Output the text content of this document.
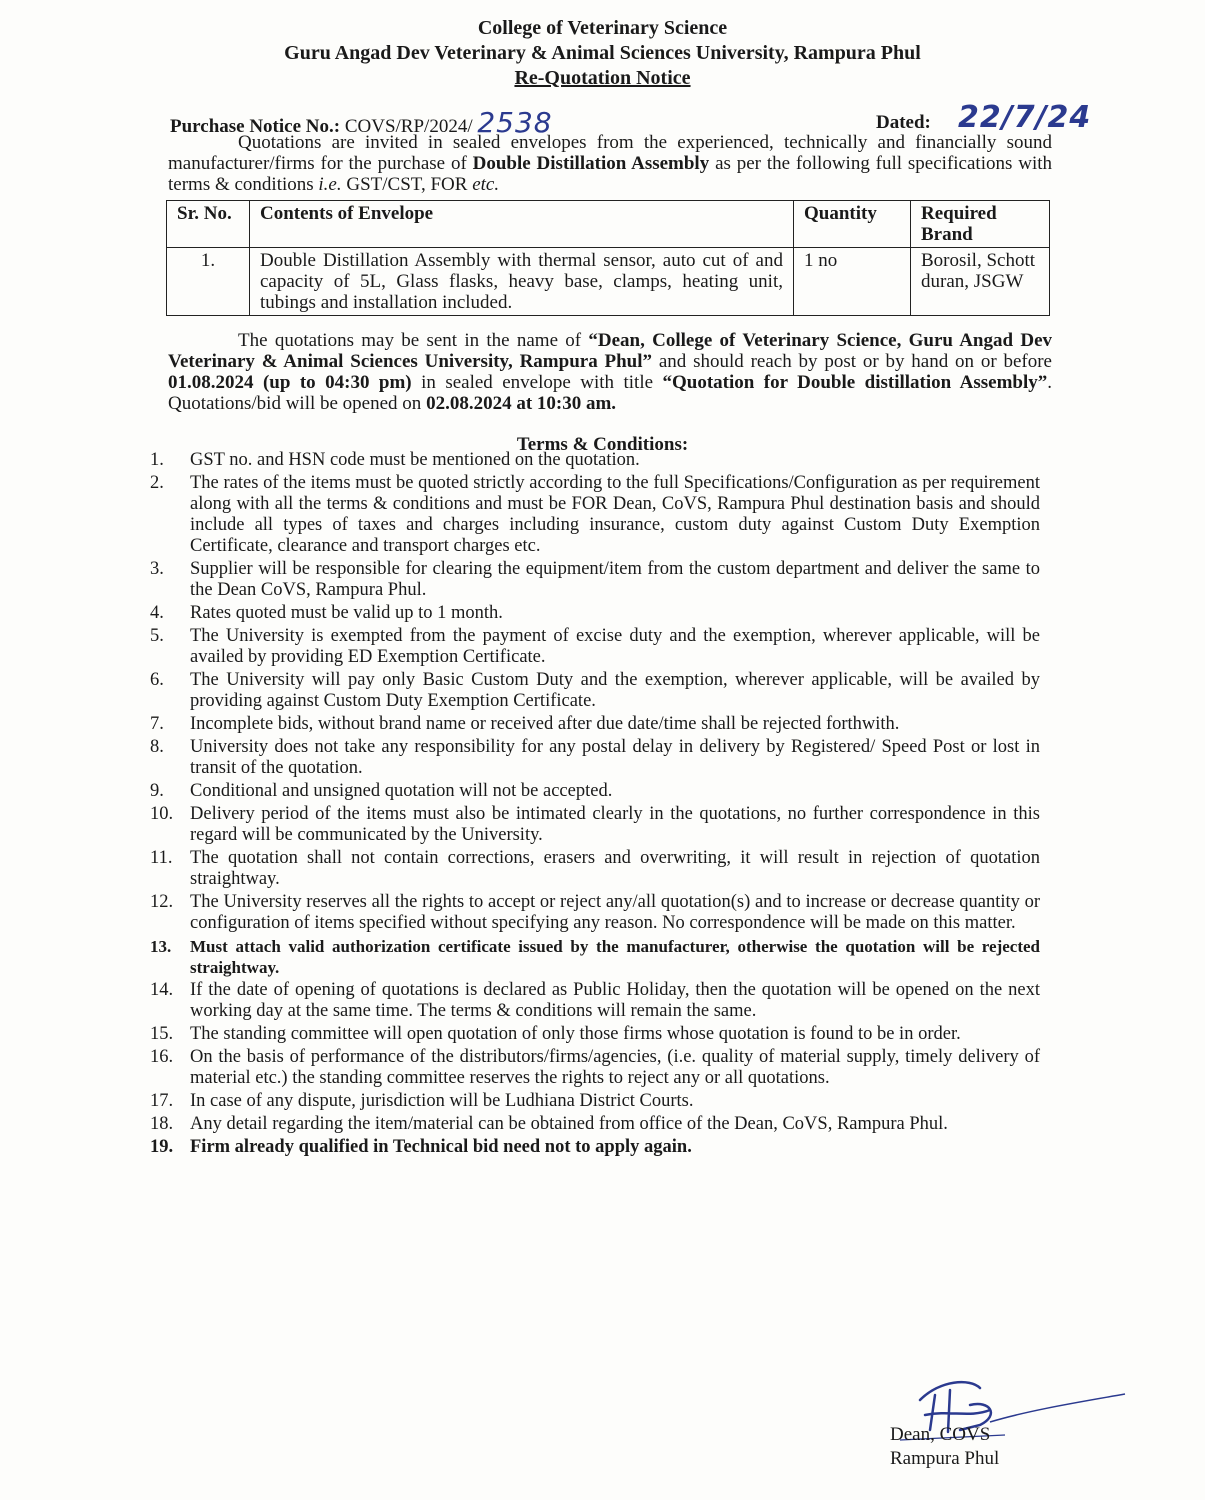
College of Veterinary Science
Guru Angad Dev Veterinary & Animal Sciences University, Rampura Phul
Re-Quotation Notice
Purchase Notice No.: COVS/RP/2024/ 2538	Dated: 22/7/24
Quotations are invited in sealed envelopes from the experienced, technically and financially sound manufacturer/firms for the purchase of Double Distillation Assembly as per the following full specifications with terms & conditions i.e. GST/CST, FOR etc.
Sr. No.	Contents of Envelope	Quantity	Required Brand
1.	Double Distillation Assembly with thermal sensor, auto cut of and capacity of 5L, Glass flasks, heavy base, clamps, heating unit, tubings and installation included.	1 no	Borosil, Schott duran, JSGW
The quotations may be sent in the name of “Dean, College of Veterinary Science, Guru Angad Dev Veterinary & Animal Sciences University, Rampura Phul” and should reach by post or by hand on or before 01.08.2024 (up to 04:30 pm) in sealed envelope with title “Quotation for Double distillation Assembly”. Quotations/bid will be opened on 02.08.2024 at 10:30 am.
Terms & Conditions:
1.	GST no. and HSN code must be mentioned on the quotation.
2.	The rates of the items must be quoted strictly according to the full Specifications/Configuration as per requirement along with all the terms & conditions and must be FOR Dean, CoVS, Rampura Phul destination basis and should include all types of taxes and charges including insurance, custom duty against Custom Duty Exemption Certificate, clearance and transport charges etc.
3.	Supplier will be responsible for clearing the equipment/item from the custom department and deliver the same to the Dean CoVS, Rampura Phul.
4.	Rates quoted must be valid up to 1 month.
5.	The University is exempted from the payment of excise duty and the exemption, wherever applicable, will be availed by providing ED Exemption Certificate.
6.	The University will pay only Basic Custom Duty and the exemption, wherever applicable, will be availed by providing against Custom Duty Exemption Certificate.
7.	Incomplete bids, without brand name or received after due date/time shall be rejected forthwith.
8.	University does not take any responsibility for any postal delay in delivery by Registered/ Speed Post or lost in transit of the quotation.
9.	Conditional and unsigned quotation will not be accepted.
10. Delivery period of the items must also be intimated clearly in the quotations, no further correspondence in this regard will be communicated by the University.
11. The quotation shall not contain corrections, erasers and overwriting, it will result in rejection of quotation straightway.
12. The University reserves all the rights to accept or reject any/all quotation(s) and to increase or decrease quantity or configuration of items specified without specifying any reason. No correspondence will be made on this matter.
13.	Must attach valid authorization certificate issued by the manufacturer, otherwise the quotation will be rejected straightway.
14. If the date of opening of quotations is declared as Public Holiday, then the quotation will be opened on the next working day at the same time. The terms & conditions will remain the same.
15. The standing committee will open quotation of only those firms whose quotation is found to be in order.
16. On the basis of performance of the distributors/firms/agencies, (i.e. quality of material supply, timely delivery of material etc.) the standing committee reserves the rights to reject any or all quotations.
17. In case of any dispute, jurisdiction will be Ludhiana District Courts.
18. Any detail regarding the item/material can be obtained from office of the Dean, CoVS, Rampura Phul.
19. Firm already qualified in Technical bid need not to apply again.
Dean, COVS
Rampura Phul
